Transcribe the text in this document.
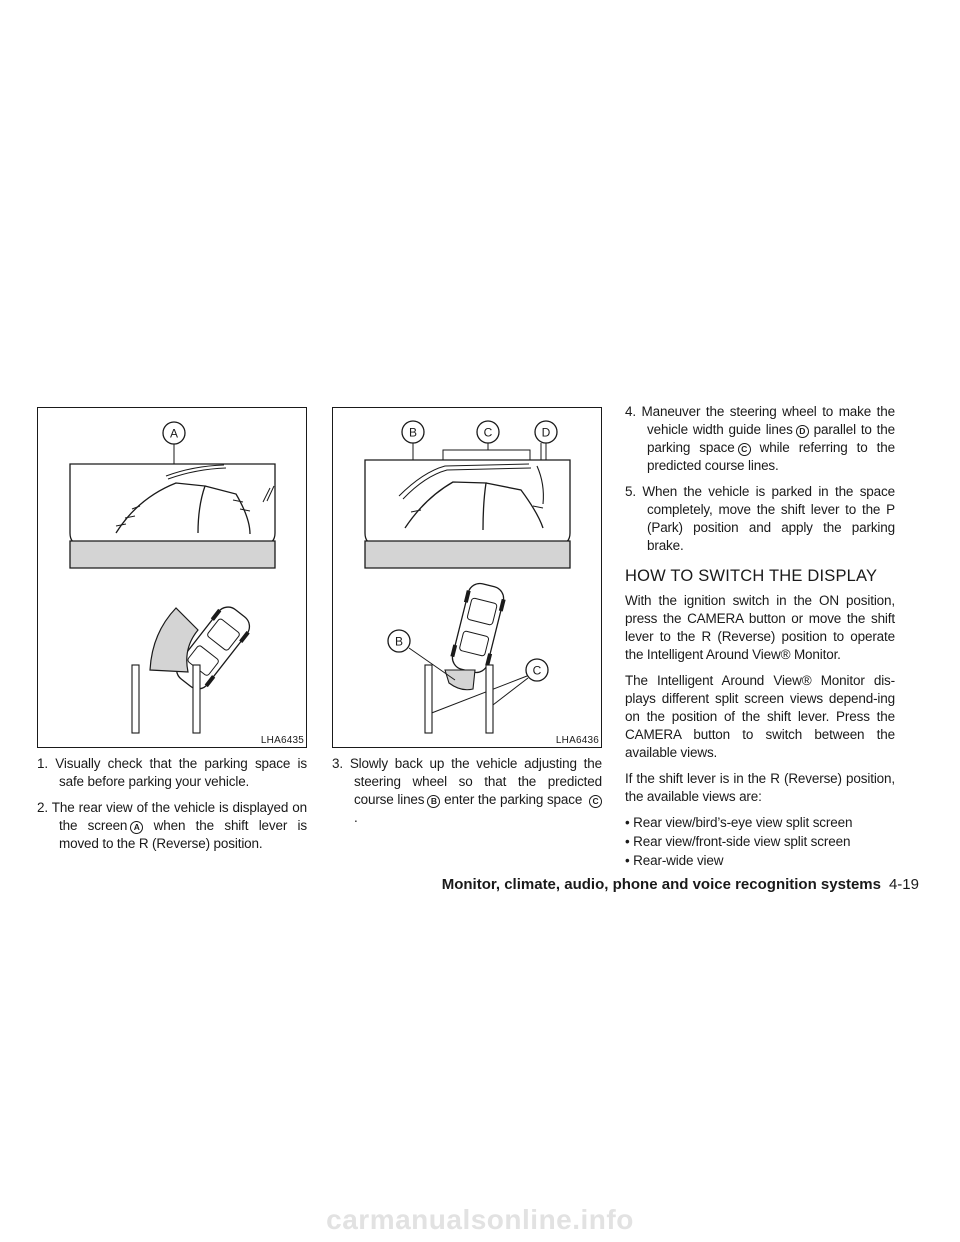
A
LHA6435
B	C	D
B
C
LHA6436

1. Visually check that the parking space is safe before parking your vehicle.

2. The rear view of the vehicle is displayed on the screen A when the shift lever is moved to the R (Reverse) position.

3. Slowly back up the vehicle adjusting the steering wheel so that the predicted course lines B enter the parking space C.

4. Maneuver the steering wheel to make the vehicle width guide lines D parallel to the parking space C while referring to the predicted course lines.

5. When the vehicle is parked in the space completely, move the shift lever to the P (Park) position and apply the parking brake.

HOW TO SWITCH THE DISPLAY

With the ignition switch in the ON position, press the CAMERA button or move the shift lever to the R (Reverse) position to operate the Intelligent Around View® Monitor.

The Intelligent Around View® Monitor dis-plays different split screen views depend-ing on the position of the shift lever. Press the CAMERA button to switch between the available views.

If the shift lever is in the R (Reverse) position, the available views are:

• Rear view/bird’s-eye view split screen

• Rear view/front-side view split screen

• Rear-wide view

Monitor, climate, audio, phone and voice recognition systems 4-19
carmanualsonline.info
